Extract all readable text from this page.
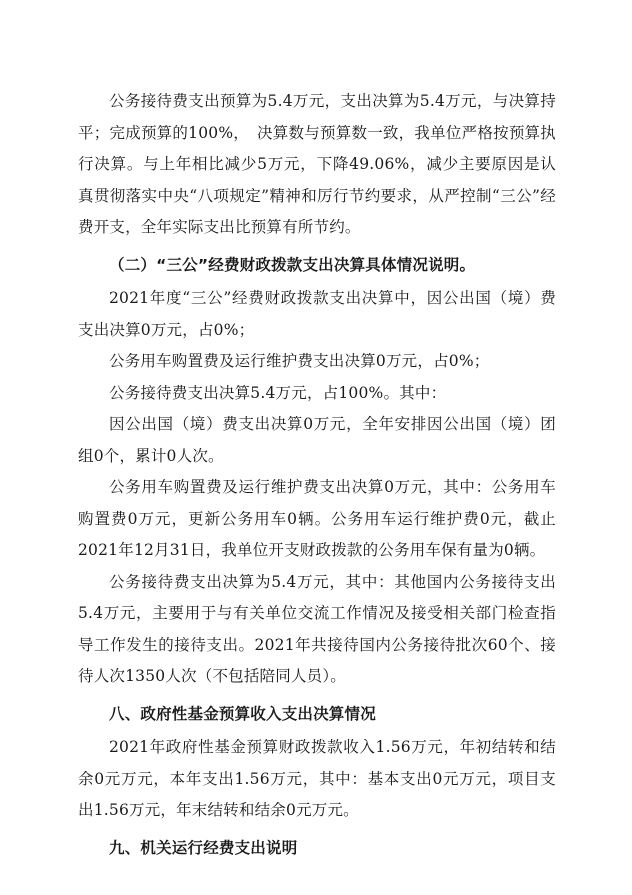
公务接待费支出预算为5.4万元，支出决算为5.4万元，与决算持平；完成预算的100%，　决算数与预算数一致，我单位严格按预算执行决算。与上年相比减少5万元，下降49.06%，减少主要原因是认真贯彻落实中央“八项规定”精神和厉行节约要求，从严控制“三公”经费开支，全年实际支出比预算有所节约。

（二）“三公”经费财政拨款支出决算具体情况说明。

2021年度“三公”经费财政拨款支出决算中，因公出国（境）费支出决算0万元，占0%；

公务用车购置费及运行维护费支出决算0万元，占0%；

公务接待费支出决算5.4万元，占100%。其中：

因公出国（境）费支出决算0万元，全年安排因公出国（境）团组0个，累计0人次。

公务用车购置费及运行维护费支出决算0万元，其中：公务用车购置费0万元，更新公务用车0辆。公务用车运行维护费0元，截止2021年12月31日，我单位开支财政拨款的公务用车保有量为0辆。

公务接待费支出决算为5.4万元，其中：其他国内公务接待支出5.4万元，主要用于与有关单位交流工作情况及接受相关部门检查指导工作发生的接待支出。2021年共接待国内公务接待批次60个、接待人次1350人次（不包括陪同人员）。

八、政府性基金预算收入支出决算情况

2021年政府性基金预算财政拨款收入1.56万元，年初结转和结余0元万元，本年支出1.56万元，其中：基本支出0元万元，项目支出1.56万元，年末结转和结余0元万元。

九、机关运行经费支出说明
